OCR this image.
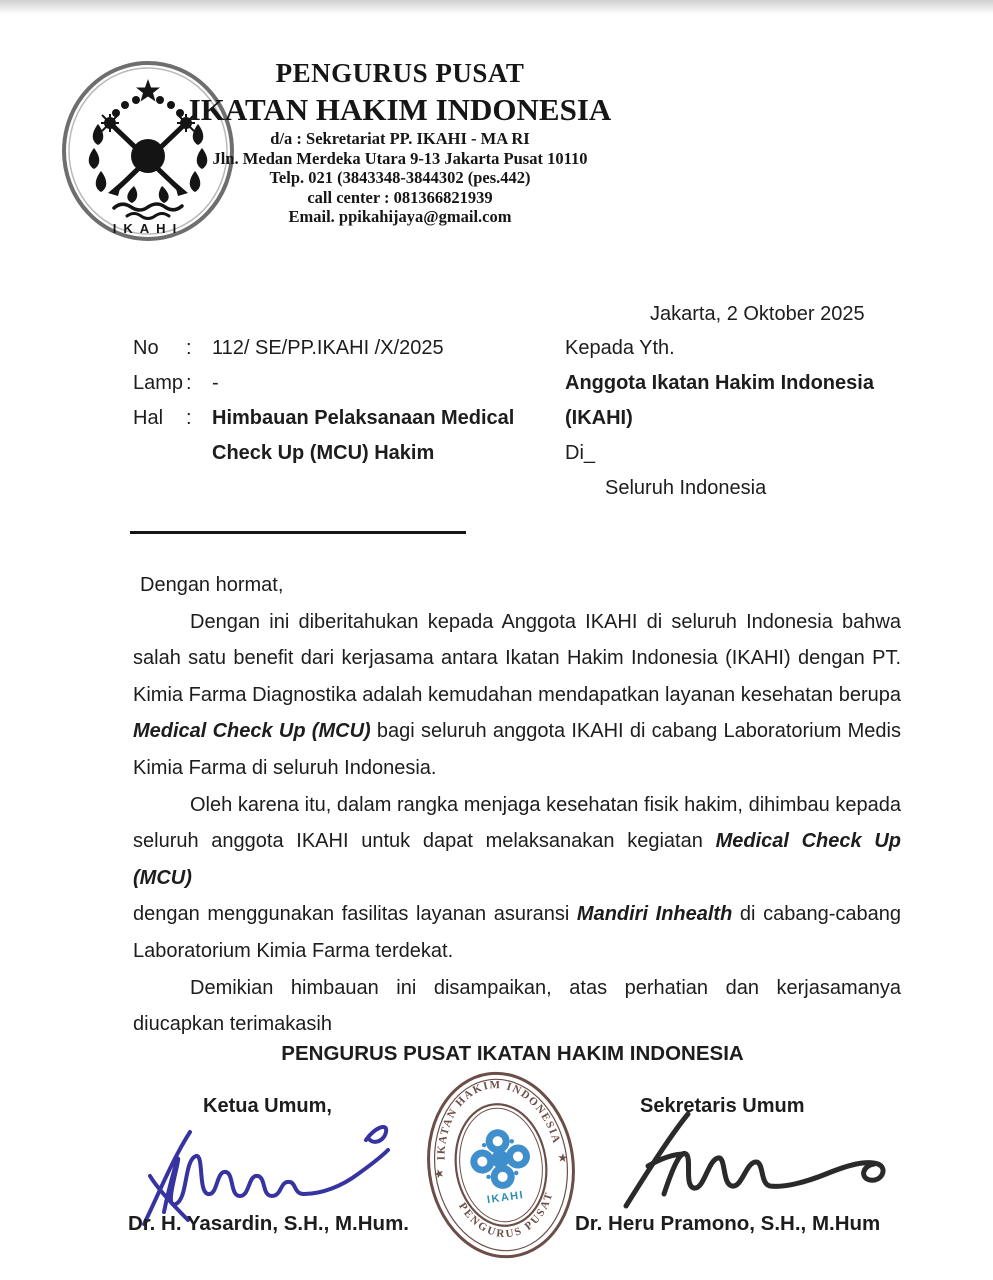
IKAHI
PENGURUS PUSAT
IKATAN HAKIM INDONESIA
d/a : Sekretariat PP. IKAHI - MA RI
Jln. Medan Merdeka Utara 9-13 Jakarta Pusat 10110
Telp. 021 (3843348-3844302 (pes.442)
call center : 081366821939
Email. ppikahijaya@gmail.com
Jakarta, 2 Oktober 2025
No	:	112/ SE/PP.IKAHI /X/2025
Lamp :	-
Hal	:	Himbauan Pelaksanaan Medical
Check Up (MCU) Hakim
Kepada Yth.
Anggota Ikatan Hakim Indonesia
(IKAHI)
Di_
Seluruh Indonesia
Dengan hormat,
Dengan ini diberitahukan kepada Anggota IKAHI di seluruh Indonesia bahwa
salah satu benefit dari kerjasama antara Ikatan Hakim Indonesia (IKAHI) dengan PT.
Kimia Farma Diagnostika adalah kemudahan mendapatkan layanan kesehatan berupa
Medical Check Up (MCU) bagi seluruh anggota IKAHI di cabang Laboratorium Medis
Kimia Farma di seluruh Indonesia.
Oleh karena itu, dalam rangka menjaga kesehatan fisik hakim, dihimbau kepada
seluruh anggota IKAHI untuk dapat melaksanakan kegiatan Medical Check Up (MCU)
dengan menggunakan fasilitas layanan asuransi Mandiri Inhealth di cabang-cabang
Laboratorium Kimia Farma terdekat.
Demikian himbauan ini disampaikan, atas perhatian dan kerjasamanya
diucapkan terimakasih
PENGURUS PUSAT IKATAN HAKIM INDONESIA
Ketua Umum,	Sekretaris Umum
IKATAN HAKIM INDONESIA
PENGURUS PUSAT
★
★
IKAHI
Dr. H. Yasardin, S.H., M.Hum.	Dr. Heru Pramono, S.H., M.Hum
